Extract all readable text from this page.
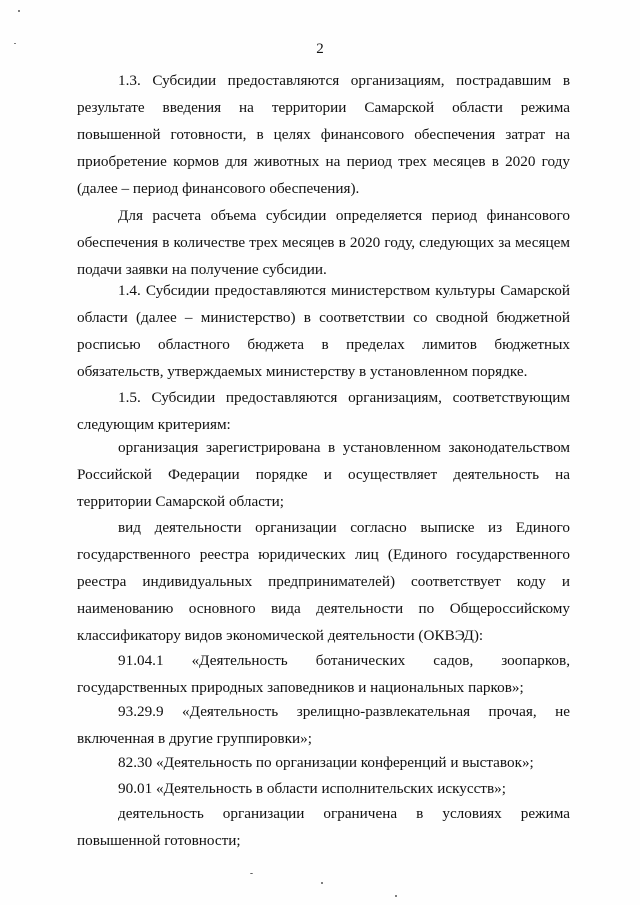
2

1.3. Субсидии предоставляются организациям, пострадавшим в результате введения на территории Самарской области режима повышенной готовности, в целях финансового обеспечения затрат на приобретение кормов для животных на период трех месяцев в 2020 году (далее – период финансового обеспечения).

Для расчета объема субсидии определяется период финансового обеспечения в количестве трех месяцев в 2020 году, следующих за месяцем подачи заявки на получение субсидии.

1.4. Субсидии предоставляются министерством культуры Самарской области (далее – министерство) в соответствии со сводной бюджетной росписью областного бюджета в пределах лимитов бюджетных обязательств, утверждаемых министерству в установленном порядке.

1.5. Субсидии предоставляются организациям, соответствующим следующим критериям:

организация зарегистрирована в установленном законодательством Российской Федерации порядке и осуществляет деятельность на территории Самарской области;

вид деятельности организации согласно выписке из Единого государственного реестра юридических лиц (Единого государственного реестра индивидуальных предпринимателей) соответствует коду и наименованию основного вида деятельности по Общероссийскому классификатору видов экономической деятельности (ОКВЭД):

91.04.1 «Деятельность ботанических садов, зоопарков, государственных природных заповедников и национальных парков»;

93.29.9 «Деятельность зрелищно-развлекательная прочая, не включенная в другие группировки»;

82.30 «Деятельность по организации конференций и выставок»;

90.01 «Деятельность в области исполнительских искусств»;

деятельность организации ограничена в условиях режима повышенной готовности;
